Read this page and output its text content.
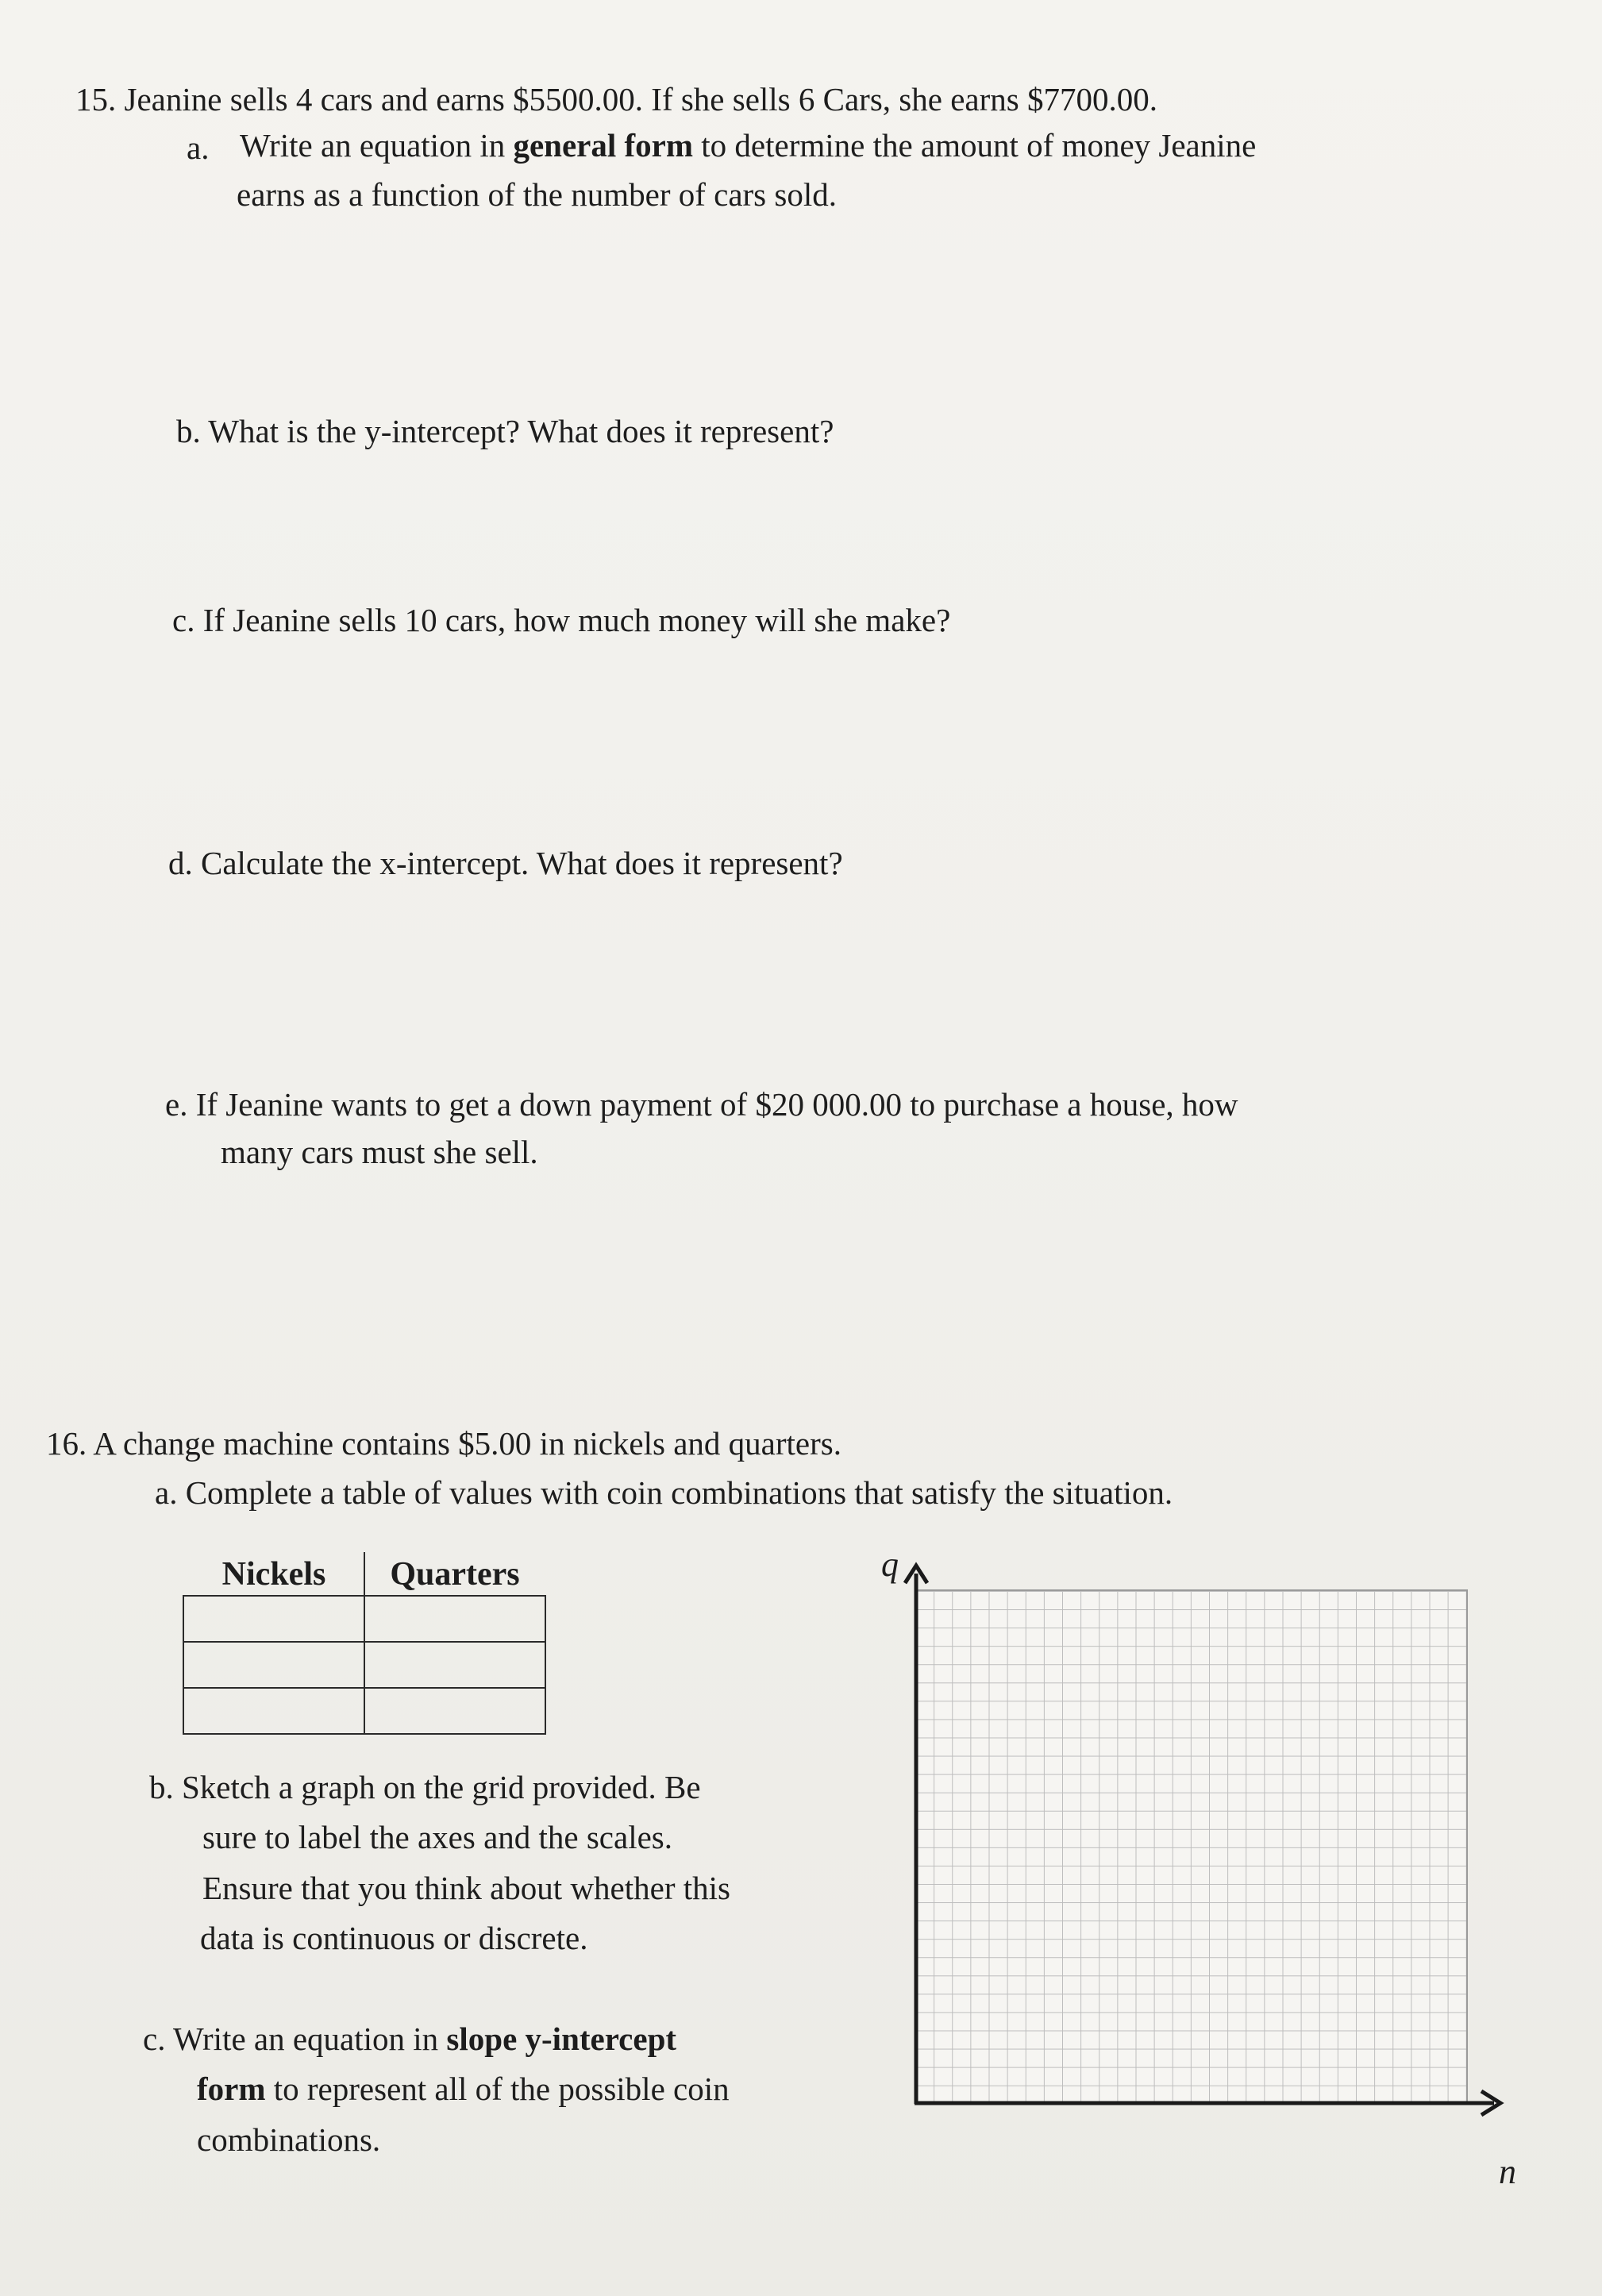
15. Jeanine sells 4 cars and earns $5500.00. If she sells 6 Cars, she earns $7700.00.
a. Write an equation in general form to determine the amount of money Jeanine
earns as a function of the number of cars sold.
b. What is the y-intercept? What does it represent?
c. If Jeanine sells 10 cars, how much money will she make?
d. Calculate the x-intercept. What does it represent?
e. If Jeanine wants to get a down payment of $20 000.00 to purchase a house, how
many cars must she sell.
16. A change machine contains $5.00 in nickels and quarters.
a. Complete a table of values with coin combinations that satisfy the situation.
Nickels	Quarters

b. Sketch a graph on the grid provided. Be
sure to label the axes and the scales.
Ensure that you think about whether this
data is continuous or discrete.
c. Write an equation in slope y-intercept
form to represent all of the possible coin
combinations.
q
n
